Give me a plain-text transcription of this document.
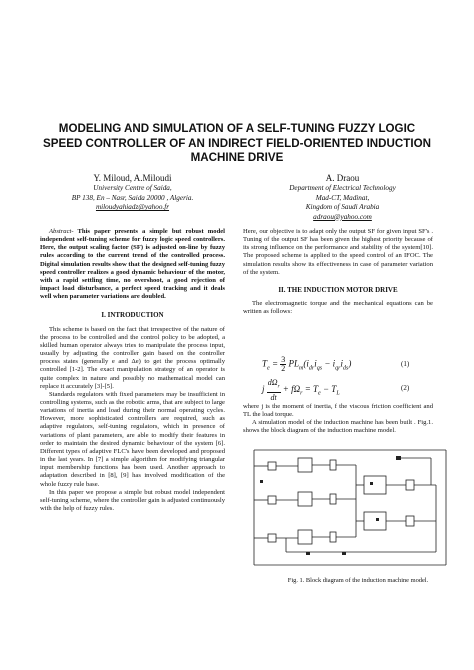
MODELING AND SIMULATION OF A SELF-TUNING FUZZY LOGIC SPEED CONTROLLER OF AN INDIRECT FIELD-ORIENTED INDUCTION MACHINE DRIVE
Y. Miloud, A.Miloudi
University Centre of Saida,
BP 138, En – Nasr, Saida 20000 , Algeria.
miloudyahiadz@yahoo.fr
A. Draou
Department of Electrical Technology
Mad-CT, Madinat,
Kingdom of Saudi Arabia
adraou@yahoo.com

Abstract- This paper presents a simple but robust model independent self-tuning scheme for fuzzy logic speed controllers. Here, the output scaling factor (SF) is adjusted on-line by fuzzy rules according to the current trend of the controlled process. Digital simulation results show that the designed self-tuning fuzzy speed controller realizes a good dynamic behaviour of the motor, with a rapid settling time, no overshoot, a good rejection of impact load disturbance, a perfect speed tracking and it deals well when parameter variations are doubled.

I. INTRODUCTION

This scheme is based on the fact that irrespective of the nature of the process to be controlled and the control policy to be adopted, a skilled human operator always tries to manipulate the process input, usually by adjusting the controller gain based on the controller process states (generally e and Δe) to get the process optimally controlled [1-2]. The exact manipulation strategy of an operator is quite complex in nature and possibly no mathematical model can replace it accurately [3]-[5].

Standards regulators with fixed parameters may be insufficient in controlling systems, such as the robotic arms, that are subject to large variations of inertia and load during their normal operating cycles. However, more sophisticated controllers are required, such as adaptive regulators, self-tuning regulators, which in presence of variations of plant parameters, are able to modify their features in order to maintain the desired dynamic behaviour of the system [6]. Different types of adaptive FLC's have been developed and proposed in the last years. In [7] a simple algorithm for modifying triangular input membership functions has been used. Another approach to adaptation described in [8], [9] has involved modification of the whole fuzzy rule base.

In this paper we propose a simple but robust model independent self-tuning scheme, where the controller gain is adjusted continuously with the help of fuzzy rules.

Here, our objective is to adapt only the output SF for given input SF's . Tuning of the output SF has been given the highest priority because of its strong influence on the performance and stability of the system[10]. The proposed scheme is applied to the speed control of an IFOC. The simulation results show its effectiveness in case of parameter variation of the system.

II. THE INDUCTION MOTOR DRIVE

The electromagnetic torque and the mechanical equations can be written as follows:

$T_e = 3$
2 $PL_m(i_{dr}i_{qs} - i_{qr}i_{ds})$	(1)
j
$d\Omega_r$
dt + $f\Omega_r = T_e - T_L$
(2)

where j is the moment of inertia, f the viscous friction coefficient and TL the load torque.

A simulation model of the induction machine has been built . Fig.1. shows the block diagram of the induction machine model.

Fig. 1. Block diagram of the induction machine model.
